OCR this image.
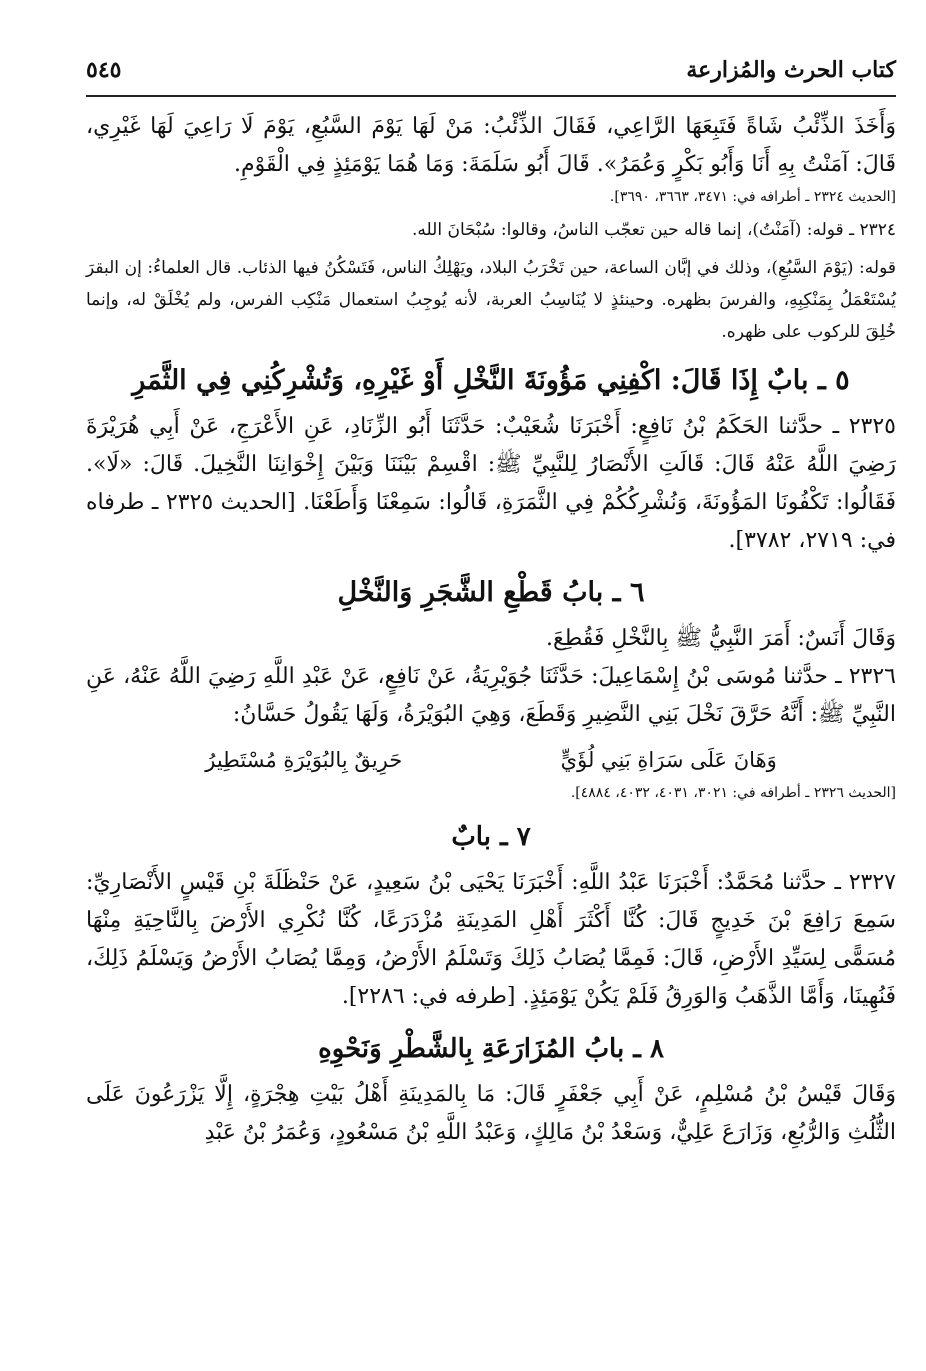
٥٤٥	كتاب الحرث والمُزارعة

وَأَخَذَ الذِّئْبُ شَاةً فَتَبِعَهَا الرَّاعِي، فَقَالَ الذِّئْبُ: مَنْ لَهَا يَوْمَ السَّبُعِ، يَوْمَ لَا رَاعِيَ لَهَا غَيْرِي، قَالَ: آمَنْتُ بِهِ أَنَا وَأَبُو بَكْرٍ وَعُمَرُ». قَالَ أَبُو سَلَمَةَ: وَمَا هُمَا يَوْمَئِذٍ فِي الْقَوْمِ.

[الحديث ٢٣٢٤ ـ أطرافه في: ٣٤٧١، ٣٦٦٣، ٣٦٩٠].

٢٣٢٤ ـ قوله: (آمَنْتُ)، إنما قاله حين تعجّب الناسُ، وقالوا: سُبْحَانَ الله.

قوله: (يَوْمَ السَّبُعِ)، وذلك في إبَّان الساعة، حين تَخْرَبُ البلاد، ويَهْلِكُ الناس، فَتَسْكُنُ فيها الذئاب. قال العلماءُ: إن البقرَ يُسْتَعْمَلُ بِمَنْكِبِهِ، والفرسَ بظهره. وحينئذٍ لا يُنَاسِبُ العربة، لأنه يُوجِبُ استعمال مَنْكِب الفرس، ولم يُخْلَقْ له، وإنما خُلِقَ للركوب على ظهره.

٥ ـ بابٌ إِذَا قَالَ: اكْفِنِي مَؤُونَةَ النَّخْلِ أَوْ غَيْرِهِ، وَتُشْرِكُنِي فِي الثَّمَرِ

٢٣٢٥ ـ حدَّثنا الحَكَمُ بْنُ نَافِعٍ: أَخْبَرَنَا شُعَيْبٌ: حَدَّثَنَا أَبُو الزِّنَادِ، عَنِ الأَعْرَجِ، عَنْ أَبِي هُرَيْرَةَ رَضِيَ اللَّهُ عَنْهُ قَالَ: قَالَتِ الأَنْصَارُ لِلنَّبِيِّ ﷺ: اقْسِمْ بَيْنَنَا وَبَيْنَ إِخْوَانِنَا النَّخِيلَ. قَالَ: «لَا». فَقَالُوا: تَكْفُونَا المَؤُونَةَ، وَنُشْرِكُكُمْ فِي الثَّمَرَةِ، قَالُوا: سَمِعْنَا وَأَطَعْنَا. [الحديث ٢٣٢٥ ـ طرفاه في: ٢٧١٩، ٣٧٨٢].

٦ ـ بابُ قَطْعِ الشَّجَرِ وَالنَّخْلِ

وَقَالَ أَنَسٌ: أَمَرَ النَّبِيُّ ﷺ بِالنَّخْلِ فَقُطِعَ.

٢٣٢٦ ـ حدَّثنا مُوسَى بْنُ إِسْمَاعِيلَ: حَدَّثَنَا جُوَيْرِيَةُ، عَنْ نَافِعٍ، عَنْ عَبْدِ اللَّهِ رَضِيَ اللَّهُ عَنْهُ، عَنِ النَّبِيِّ ﷺ: أَنَّهُ حَرَّقَ نَخْلَ بَنِي النَّضِيرِ وَقَطَعَ، وَهِيَ البُوَيْرَةُ، وَلَهَا يَقُولُ حَسَّانُ:

وَهَانَ عَلَى سَرَاةِ بَنِي لُؤَيٍّ
حَرِيقٌ بِالبُوَيْرَةِ مُسْتَطِيرُ

[الحديث ٢٣٢٦ ـ أطرافه في: ٣٠٢١، ٤٠٣١، ٤٠٣٢، ٤٨٨٤].

٧ ـ بابٌ

٢٣٢٧ ـ حدَّثنا مُحَمَّدٌ: أَخْبَرَنَا عَبْدُ اللَّهِ: أَخْبَرَنَا يَحْيَى بْنُ سَعِيدٍ، عَنْ حَنْظَلَةَ بْنِ قَيْسٍ الأَنْصَارِيِّ: سَمِعَ رَافِعَ بْنَ خَدِيجٍ قَالَ: كُنَّا أَكْثَرَ أَهْلِ المَدِينَةِ مُزْدَرَعًا، كُنَّا نُكْرِي الأَرْضَ بِالنَّاحِيَةِ مِنْهَا مُسَمًّى لِسَيِّدِ الأَرْضِ، قَالَ: فَمِمَّا يُصَابُ ذَلِكَ وَتَسْلَمُ الأَرْضُ، وَمِمَّا يُصَابُ الأَرْضُ وَيَسْلَمُ ذَلِكَ، فَنُهِينَا، وَأَمَّا الذَّهَبُ وَالوَرِقُ فَلَمْ يَكُنْ يَوْمَئِذٍ. [طرفه في: ٢٢٨٦].

٨ ـ بابُ المُزَارَعَةِ بِالشَّطْرِ وَنَحْوِهِ

وَقَالَ قَيْسُ بْنُ مُسْلِمٍ، عَنْ أَبِي جَعْفَرٍ قَالَ: مَا بِالمَدِينَةِ أَهْلُ بَيْتِ هِجْرَةٍ، إِلَّا يَزْرَعُونَ عَلَى الثُّلُثِ وَالرُّبُعِ، وَزَارَعَ عَلِيٌّ، وَسَعْدُ بْنُ مَالِكٍ، وَعَبْدُ اللَّهِ بْنُ مَسْعُودٍ، وَعُمَرُ بْنُ عَبْدِ
